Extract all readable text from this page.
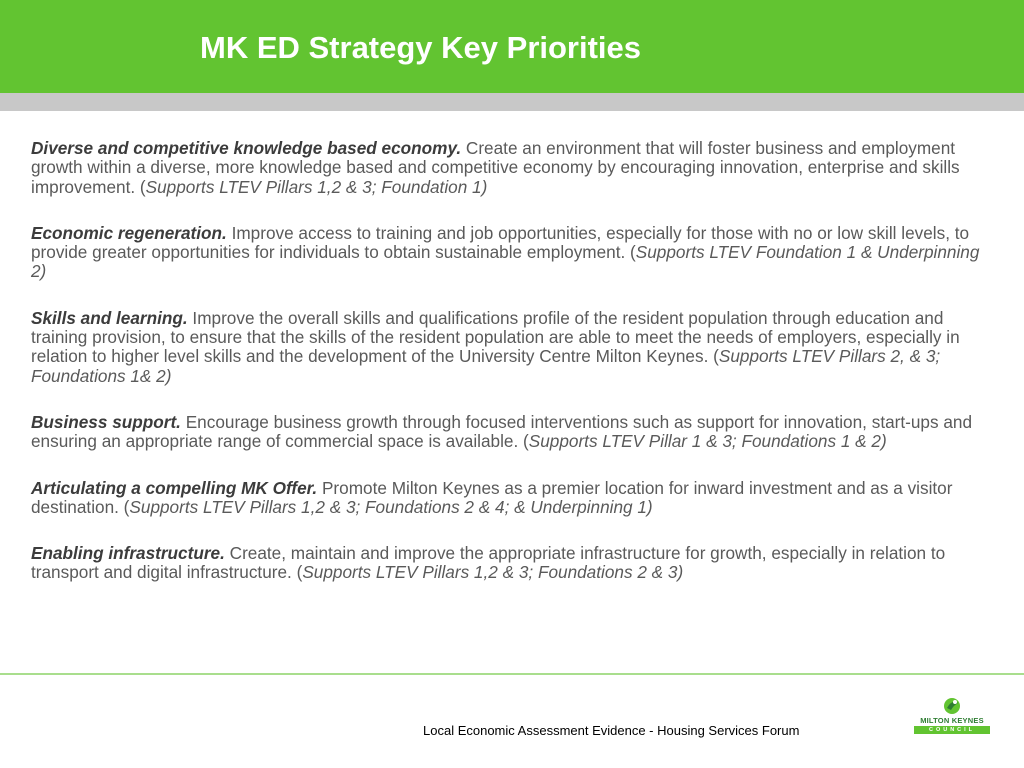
MK ED Strategy Key Priorities

Diverse and competitive knowledge based economy. Create an environment that will foster business and employment growth within a diverse, more knowledge based and competitive economy by encouraging innovation, enterprise and skills improvement. (Supports LTEV Pillars 1,2 & 3; Foundation 1)

Economic regeneration. Improve access to training and job opportunities, especially for those with no or low skill levels, to provide greater opportunities for individuals to obtain sustainable employment. (Supports LTEV Foundation 1 & Underpinning 2)

Skills and learning. Improve the overall skills and qualifications profile of the resident population through education and training provision, to ensure that the skills of the resident population are able to meet the needs of employers, especially in relation to higher level skills and the development of the University Centre Milton Keynes. (Supports LTEV Pillars 2, & 3; Foundations 1& 2)

Business support. Encourage business growth through focused interventions such as support for innovation, start-ups and ensuring an appropriate range of commercial space is available. (Supports LTEV Pillar 1 & 3; Foundations 1 & 2)

Articulating a compelling MK Offer. Promote Milton Keynes as a premier location for inward investment and as a visitor destination. (Supports LTEV Pillars 1,2 & 3; Foundations 2 & 4; & Underpinning 1)

Enabling infrastructure. Create, maintain and improve the appropriate infrastructure for growth, especially in relation to transport and digital infrastructure. (Supports LTEV Pillars 1,2 & 3; Foundations 2 & 3)

Local Economic Assessment Evidence - Housing Services Forum
MILTON KEYNES
COUNCIL
